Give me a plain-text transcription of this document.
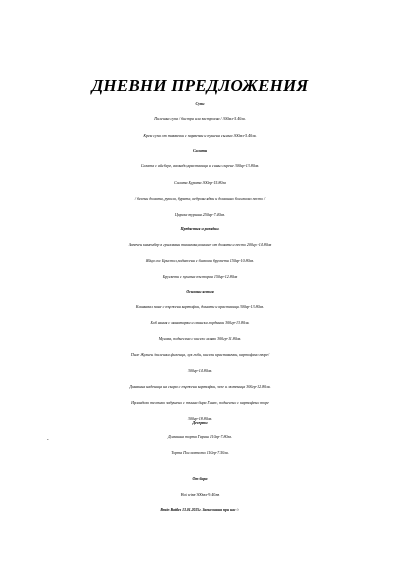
ДНЕВНИ ПРЕДЛОЖЕНИЯ
Супи
Пилешка супа / бистра или застроена / 300мл-5.40лв.
Крем супа от тиквички с пармезан и пушена сьомга 300мл-5.40лв.
Салати
Салата с айсберг, авокадо,краставица и синьо сирене 300гр-13.80лв.
Салата Бурата 300гр-15.80лв
/ белени домати, рукола, бурата, кедрови ядки и домашно босилково песто /
Царска туршия 250гр-7.40лв.
Предястия и разядки.
Запечен камембер в гриловани тиквичка,конкасе от домати и песто 200гр.-14.80лв
Яйца сос Бристол,поднесени с билкови брускети 150гр-10.80лв.
Брускети с пушена пъстърва 150гр-12.80лв
Основни ястия
Кашкавал пане с пържени картофки, домати и краставици 300гр-13.80лв.
Боб яхния с манатарки и свински гърдинки 300гр-13.80лв.
Мусака, поднесена с кисело мляко 300гр-11.80лв.
Пиле Жулиен /пилешки филенца, лук гъби, кисели краставички, картофено пюре/
300гр-14.80лв.
Домашна наденица на скара с пържени картофки, зеле и лютеница 300гр-12.80лв.
Ирландско телешко задушено с тъмна бира Гинес, поднесено с картофено пюре
300гр-18.80лв.
Десерти
Домашна торта Гараш 110гр-7.80лв.
Торта Послемтото 110гр-7.50лв.
.
От бара
Hot wine 300мл-9.40лв
Brain Battles 13.01.2025г. Записвания при нас☺
